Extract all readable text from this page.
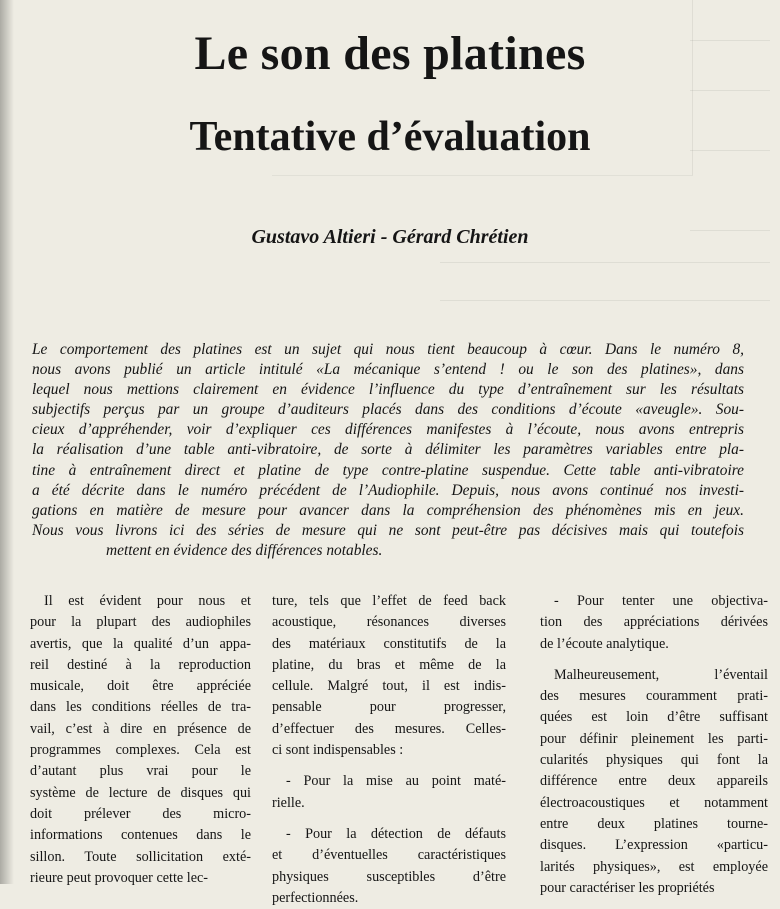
Le son des platines
Tentative d’évaluation

Gustavo Altieri - Gérard Chrétien

Le comportement des platines est un sujet qui nous tient beaucoup à cœur. Dans le numéro 8,
nous avons publié un article intitulé «La mécanique s’entend ! ou le son des platines», dans
lequel nous mettions clairement en évidence l’influence du type d’entraînement sur les résultats
subjectifs perçus par un groupe d’auditeurs placés dans des conditions d’écoute «aveugle». Sou-
cieux d’appréhender, voir d’expliquer ces différences manifestes à l’écoute, nous avons entrepris
la réalisation d’une table anti-vibratoire, de sorte à délimiter les paramètres variables entre pla-
tine à entraînement direct et platine de type contre-platine suspendue. Cette table anti-vibratoire
a été décrite dans le numéro précédent de l’Audiophile. Depuis, nous avons continué nos investi-
gations en matière de mesure pour avancer dans la compréhension des phénomènes mis en jeux.
Nous vous livrons ici des séries de mesure qui ne sont peut-être pas décisives mais qui toutefois
mettent en évidence des différences notables.

Il est évident pour nous et
pour la plupart des audiophiles
avertis, que la qualité d’un appa-
reil destiné à la reproduction
musicale, doit être appréciée
dans les conditions réelles de tra-
vail, c’est à dire en présence de
programmes complexes. Cela est
d’autant plus vrai pour le
système de lecture de disques qui
doit prélever des micro-
informations contenues dans le
sillon. Toute sollicitation exté-
rieure peut provoquer cette lec-

ture, tels que l’effet de feed back
acoustique, résonances diverses
des matériaux constitutifs de la
platine, du bras et même de la
cellule. Malgré tout, il est indis-
pensable pour progresser,
d’effectuer des mesures. Celles-
ci sont indispensables :

- Pour la mise au point maté-
rielle.

- Pour la détection de défauts
et d’éventuelles caractéristiques
physiques susceptibles d’être
perfectionnées.

- Pour tenter une objectiva-
tion des appréciations dérivées
de l’écoute analytique.

Malheureusement, l’éventail
des mesures couramment prati-
quées est loin d’être suffisant
pour définir pleinement les parti-
cularités physiques qui font la
différence entre deux appareils
électroacoustiques et notamment
entre deux platines tourne-
disques. L’expression «particu-
larités physiques», est employée
pour caractériser les propriétés
